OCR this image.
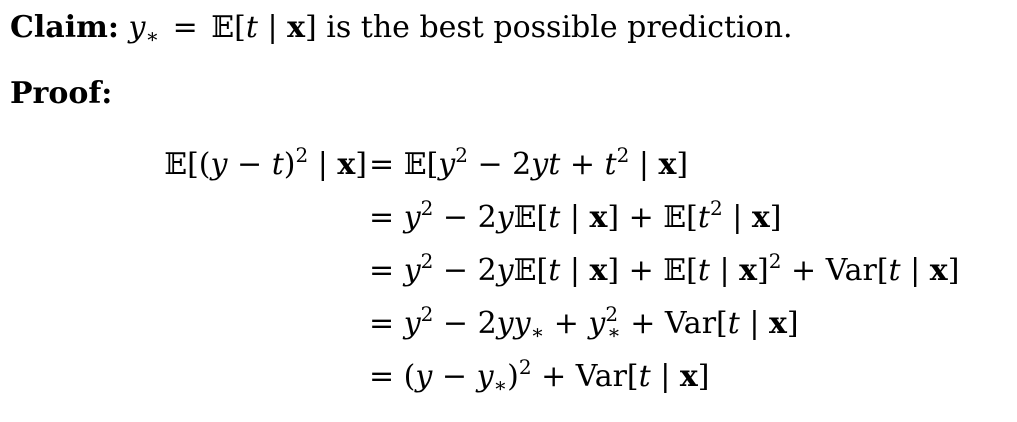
Claim: $y_∗$ = 𝔼[t | x] is the best possible prediction.
Proof:
𝔼[(y − t)$^2$ | $x] = 𝔼[y^2 - 2yt + t^2$ | x]
= $y^2$ − 2y𝔼[t | $x] + 𝔼[t^2$ | x]
= $y^2$ − 2y𝔼[t | x] + 𝔼[t | x]$^2$ + Var[t | x]
= $y^2 - 2yy_∗ + y^2_∗ + Var[t$ | x]
= $(y - y_∗)^2 + Var[t$ | x]
